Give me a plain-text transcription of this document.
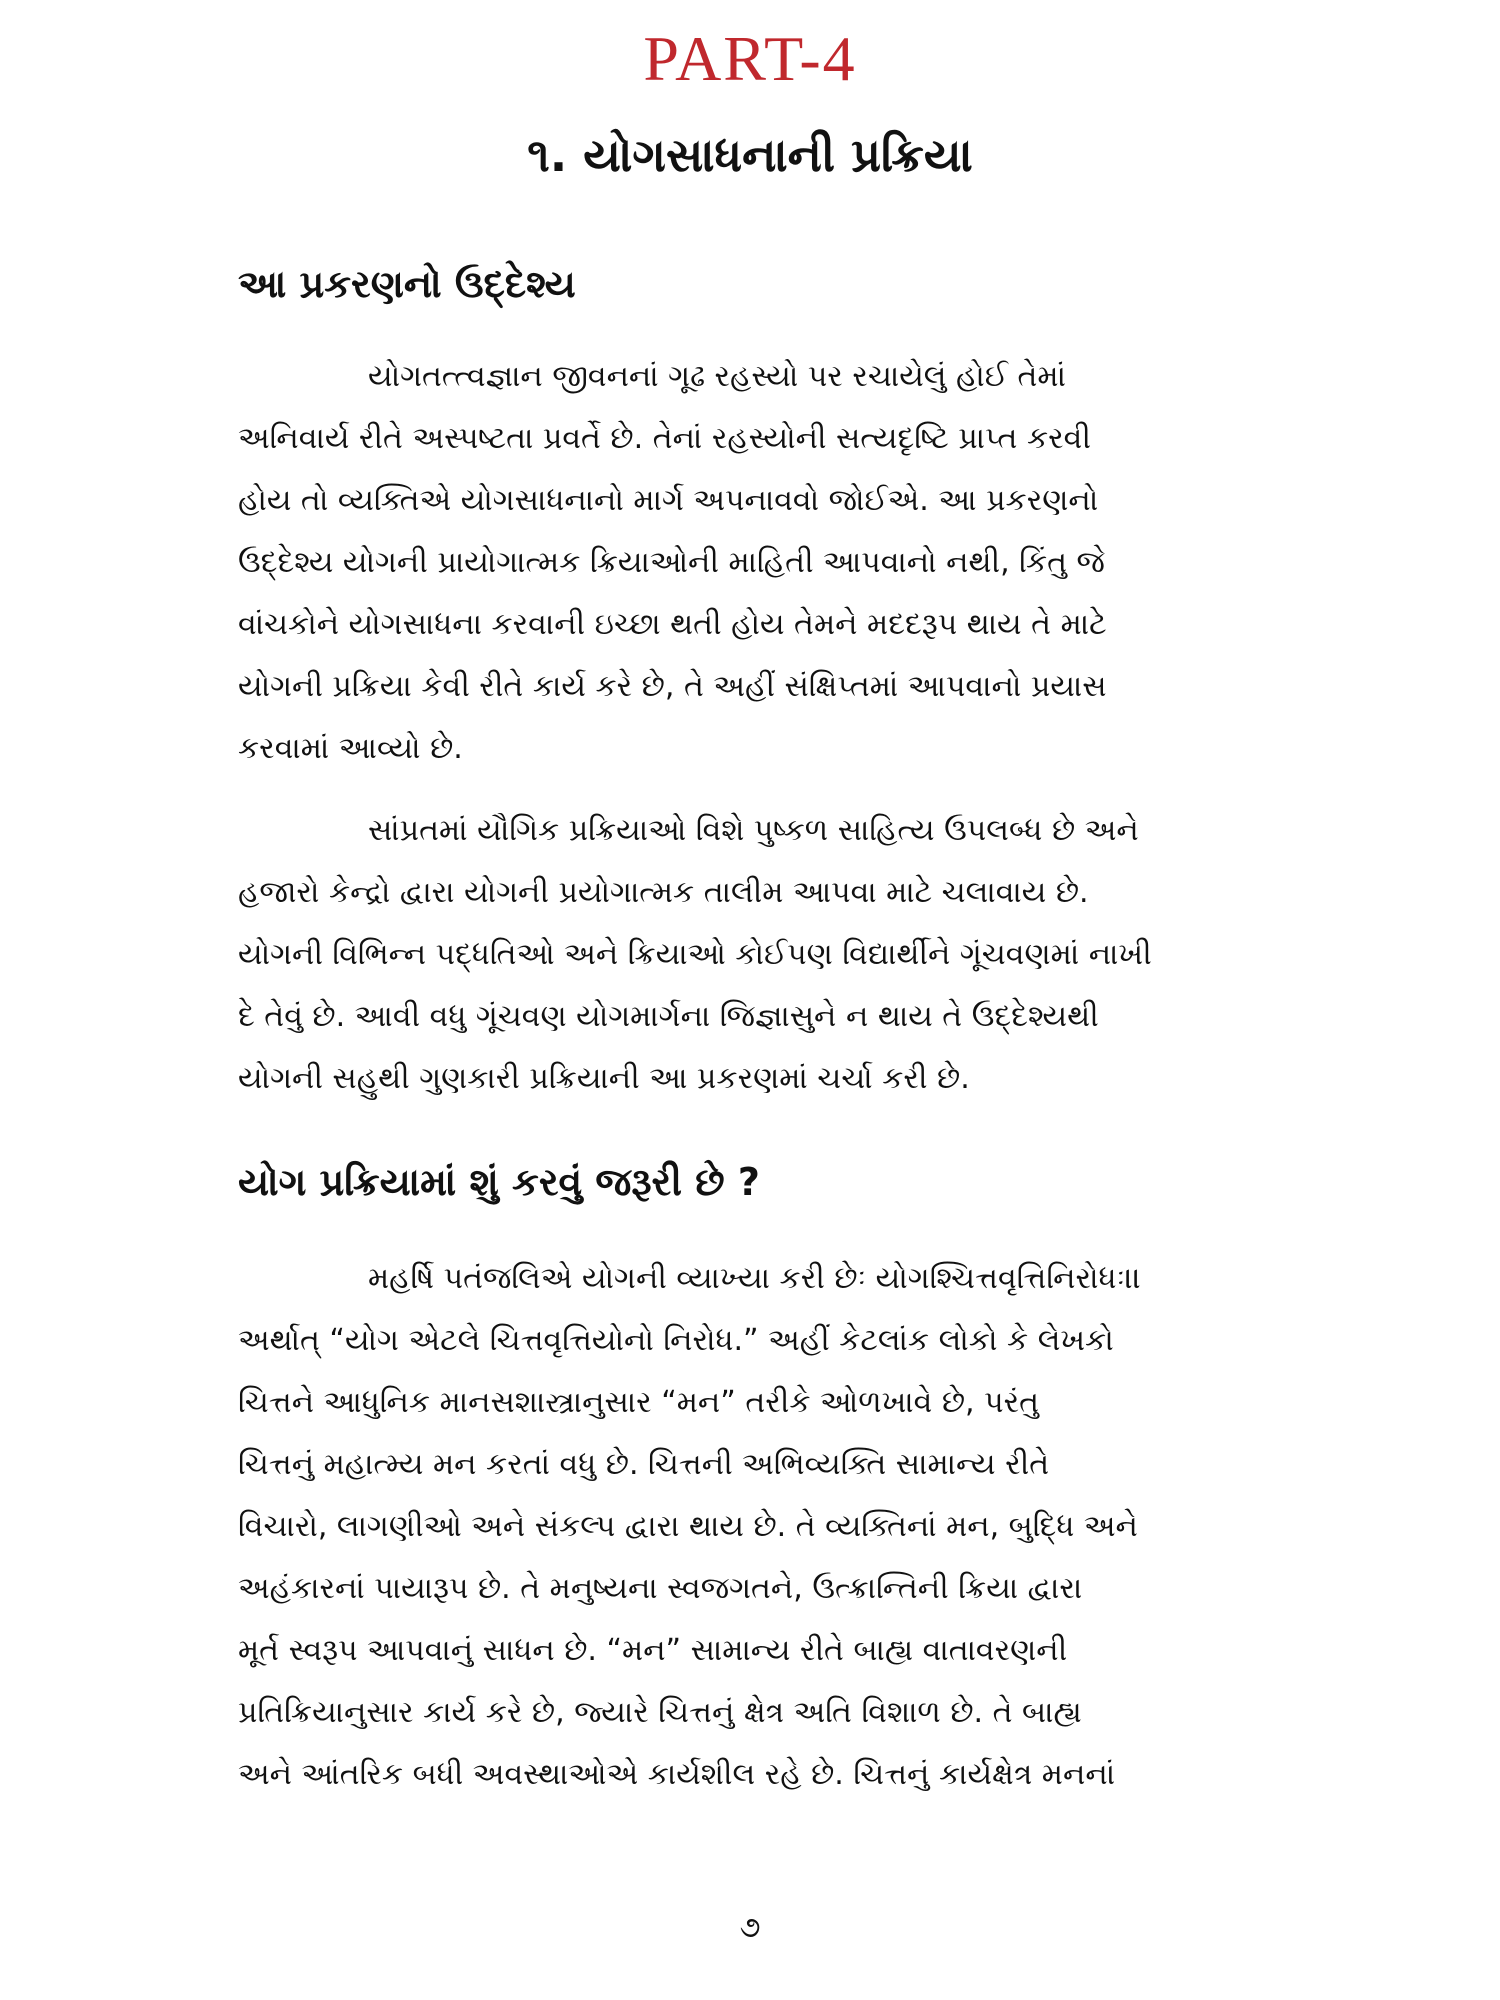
PART-4
૧. યોગસાધનાની પ્રક્રિયા
આ પ્રકરણનો ઉદ્દેશ્ય
યોગતત્ત્વજ્ઞાન જીવનનાં ગૂઢ રહસ્યો પર રચાયેલું હોઈ તેમાં
અનિવાર્ય રીતે અસ્પષ્ટતા પ્રવર્તે છે. તેનાં રહસ્યોની સત્યદૃષ્ટિ પ્રાપ્ત કરવી
હોય તો વ્યક્તિએ યોગસાધનાનો માર્ગ અપનાવવો જોઈએ. આ પ્રકરણનો
ઉદ્દેશ્ય યોગની પ્રાયોગાત્મક ક્રિયાઓની માહિતી આપવાનો નથી, કિંતુ જે
વાંચકોને યોગસાધના કરવાની ઇચ્છા થતી હોય તેમને મદદરૂપ થાય તે માટે
યોગની પ્રક્રિયા કેવી રીતે કાર્ય કરે છે, તે અહીં સંક્ષિપ્તમાં આપવાનો પ્રયાસ
કરવામાં આવ્યો છે.
સાંપ્રતમાં યૌગિક પ્રક્રિયાઓ વિશે પુષ્કળ સાહિત્ય ઉપલબ્ધ છે અને
હજારો કેન્દ્રો દ્વારા યોગની પ્રયોગાત્મક તાલીમ આપવા માટે ચલાવાય છે.
યોગની વિભિન્ન પદ્ધતિઓ અને ક્રિયાઓ કોઈપણ વિદ્યાર્થીને ગૂંચવણમાં નાખી
દે તેવું છે. આવી વધુ ગૂંચવણ યોગમાર્ગના જિજ્ઞાસુને ન થાય તે ઉદ્દેશ્યથી
યોગની સહુથી ગુણકારી પ્રક્રિયાની આ પ્રકરણમાં ચર્ચા કરી છે.
યોગ પ્રક્રિયામાં શું કરવું જરૂરી છે ?
મહર્ષિ પતંજલિએ યોગની વ્યાખ્યા કરી છેઃ યોગશ્ચિત્તવૃત્તિનિરોધઃ।।
અર્થાત્ “યોગ એટલે ચિત્તવૃત્તિયોનો નિરોધ.” અહીં કેટલાંક લોકો કે લેખકો
ચિત્તને આધુનિક માનસશાસ્ત્રાનુસાર “મન” તરીકે ઓળખાવે છે, પરંતુ
ચિત્તનું મહાત્મ્ય મન કરતાં વધુ છે. ચિત્તની અભિવ્યક્તિ સામાન્ય રીતે
વિચારો, લાગણીઓ અને સંકલ્પ દ્વારા થાય છે. તે વ્યક્તિનાં મન, બુદ્ધિ અને
અહંકારનાં પાયારૂપ છે. તે મનુષ્યના સ્વજગતને, ઉત્ક્રાન્તિની ક્રિયા દ્વારા
મૂર્ત સ્વરૂપ આપવાનું સાધન છે. “મન” સામાન્ય રીતે બાહ્ય વાતાવરણની
પ્રતિક્રિયાનુસાર કાર્ય કરે છે, જ્યારે ચિત્તનું ક્ષેત્ર અતિ વિશાળ છે. તે બાહ્ય
અને આંતરિક બધી અવસ્થાઓએ કાર્યશીલ રહે છે. ચિત્તનું કાર્યક્ષેત્ર મનનાં
૭
